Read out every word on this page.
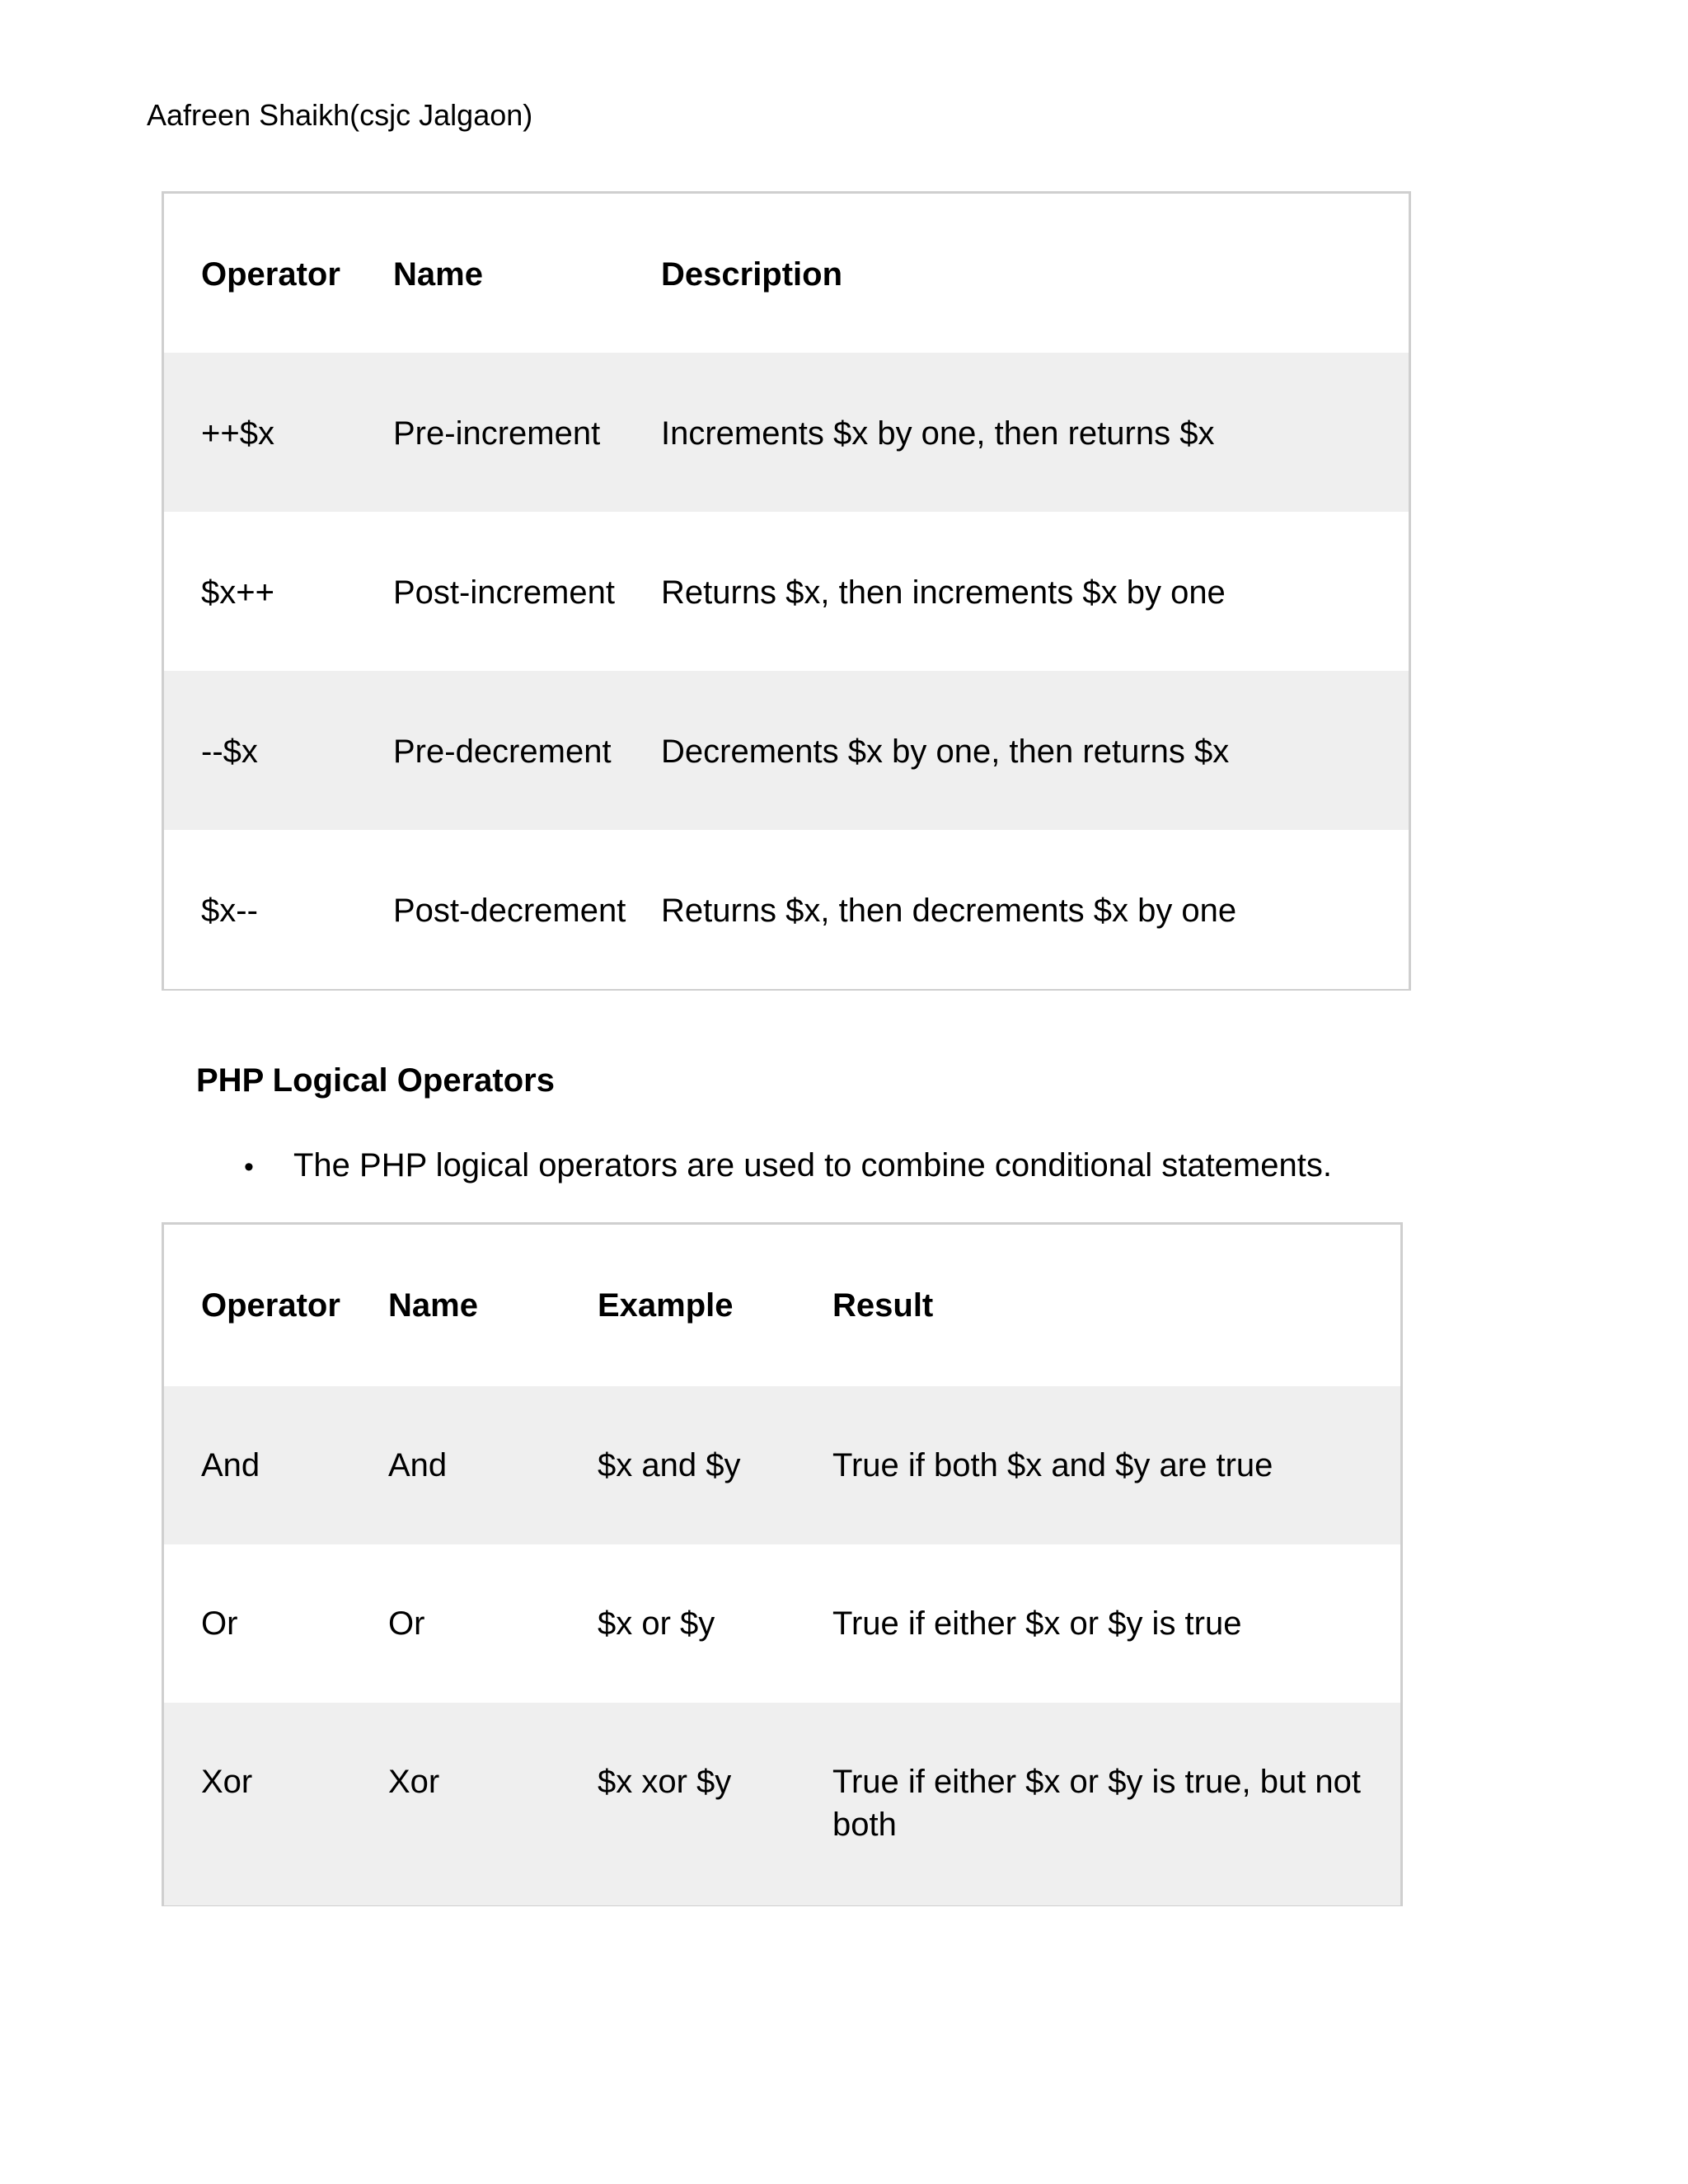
Aafreen Shaikh(csjc Jalgaon)
Operator	Name	Description
++$x	Pre-increment	Increments $x by one, then returns $x
$x++	Post-increment	Returns $x, then increments $x by one
--$x	Pre-decrement	Decrements $x by one, then returns $x
$x--	Post-decrement	Returns $x, then decrements $x by one
PHP Logical Operators
• The PHP logical operators are used to combine conditional statements.
Operator	Name	Example	Result
And	And	$x and $y	True if both $x and $y are true
Or	Or	$x or $y	True if either $x or $y is true
Xor	Xor	$x xor $y	True if either $x or $y is true, but not both
